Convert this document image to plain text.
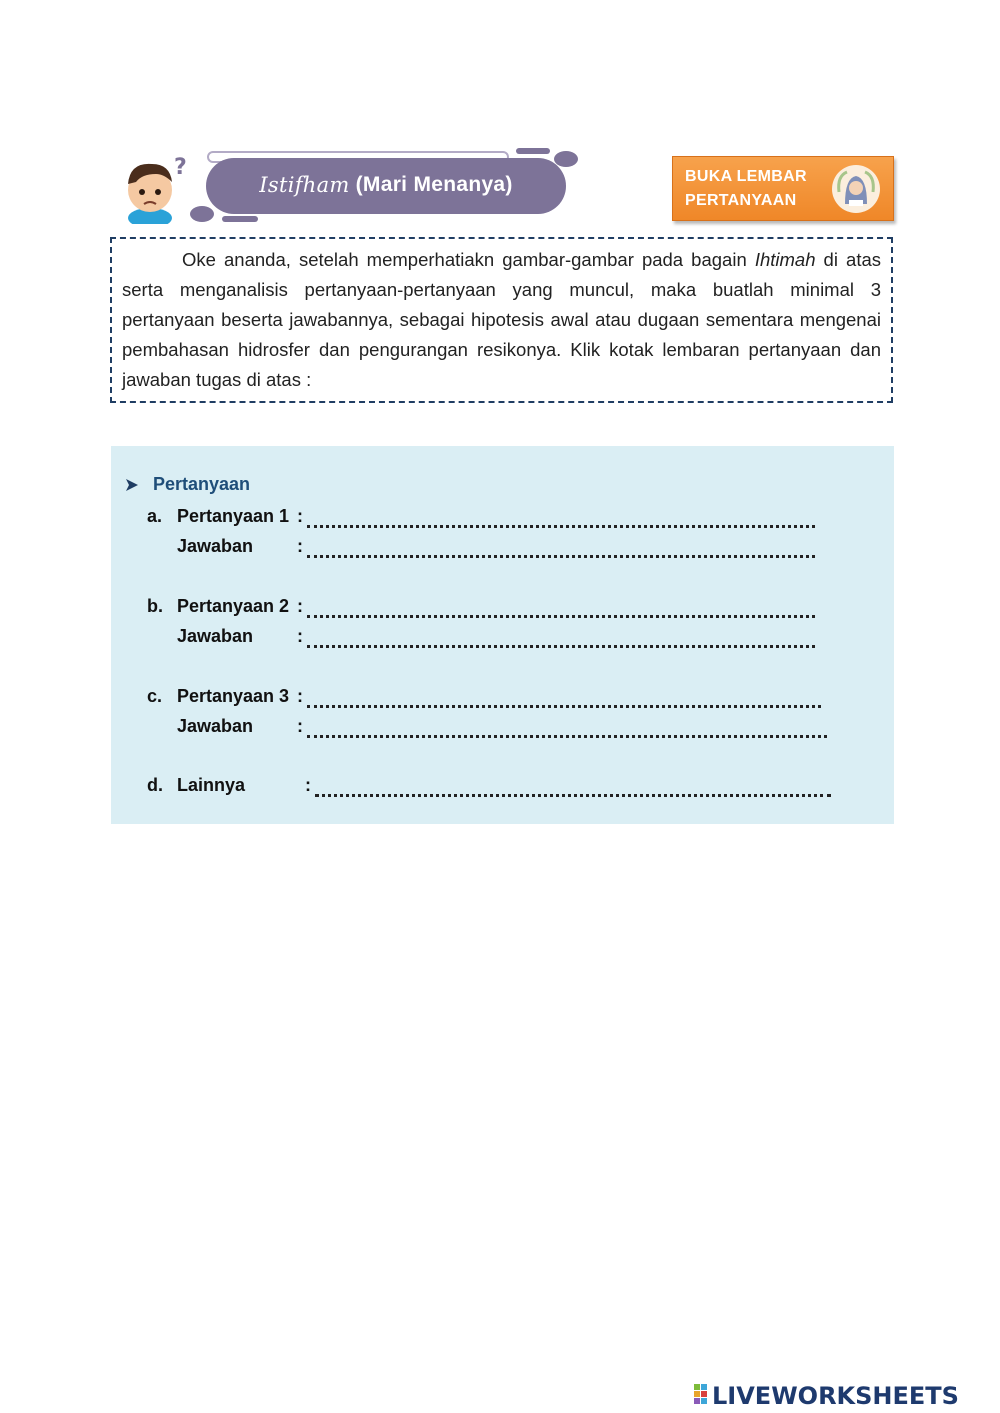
?
Istifham (Mari Menanya)	BUKA LEMBAR
PERTANYAAN

Oke ananda, setelah memperhatiakn gambar-gambar pada bagain Ihtimah di atas serta menganalisis pertanyaan-pertanyaan yang muncul, maka buatlah minimal 3 pertanyaan beserta jawabannya, sebagai hipotesis awal atau dugaan sementara mengenai pembahasan hidrosfer dan pengurangan resikonya. Klik kotak lembaran pertanyaan dan jawaban tugas di atas :

Pertanyaan
a. Pertanyaan 1 :
Jawaban :
b. Pertanyaan 2 :
Jawaban :
c. Pertanyaan 3 :
Jawaban :
d. Lainnya	:
LIVEWORKSHEETS
